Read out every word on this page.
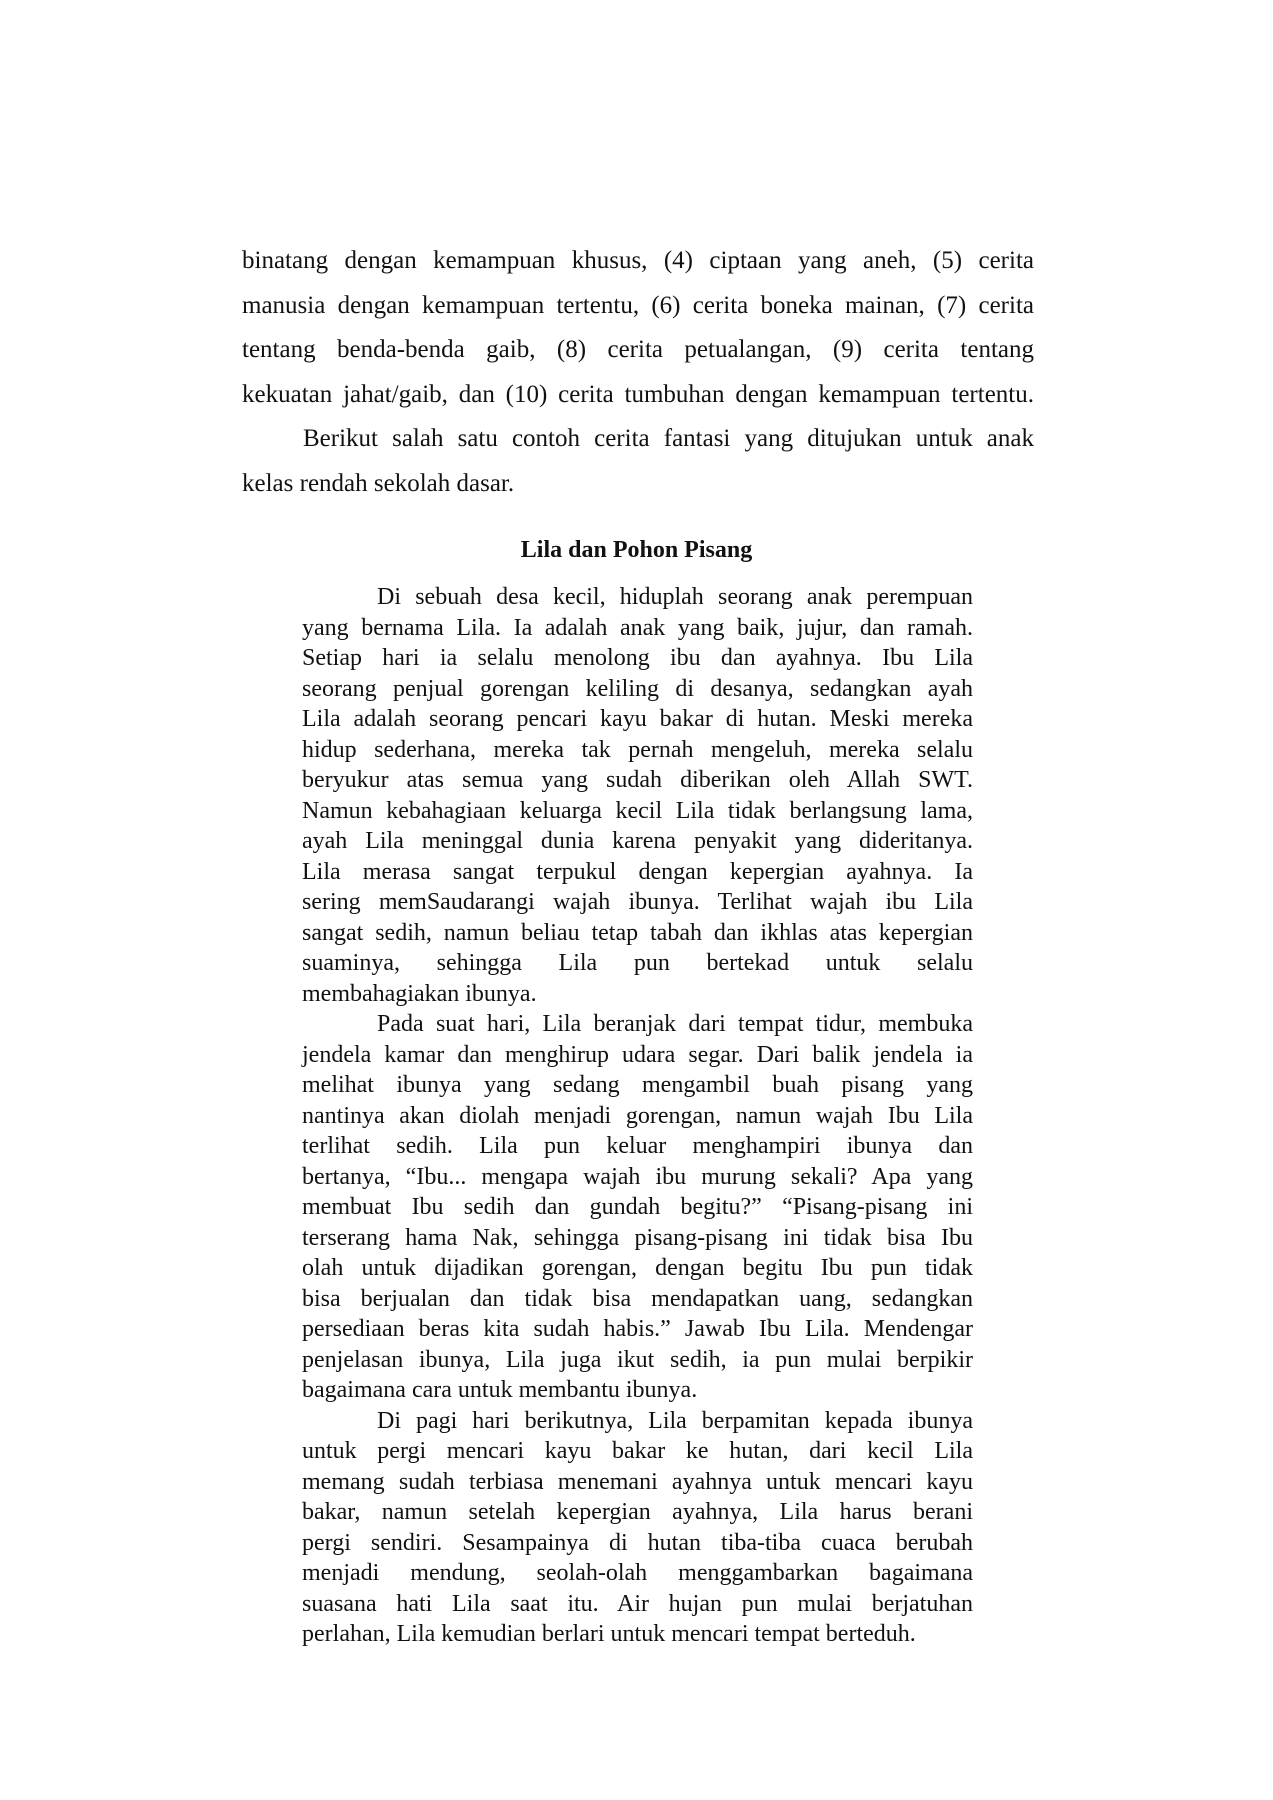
binatang dengan kemampuan khusus, (4) ciptaan yang aneh, (5) cerita
manusia dengan kemampuan tertentu, (6) cerita boneka mainan, (7) cerita
tentang benda-benda gaib, (8) cerita petualangan, (9) cerita tentang
kekuatan jahat/gaib, dan (10) cerita tumbuhan dengan kemampuan tertentu.
Berikut salah satu contoh cerita fantasi yang ditujukan untuk anak
kelas rendah sekolah dasar.
Lila dan Pohon Pisang
Di sebuah desa kecil, hiduplah seorang anak perempuan
yang bernama Lila. Ia adalah anak yang baik, jujur, dan ramah.
Setiap hari ia selalu menolong ibu dan ayahnya. Ibu Lila
seorang penjual gorengan keliling di desanya, sedangkan ayah
Lila adalah seorang pencari kayu bakar di hutan. Meski mereka
hidup sederhana, mereka tak pernah mengeluh, mereka selalu
beryukur atas semua yang sudah diberikan oleh Allah SWT.
Namun kebahagiaan keluarga kecil Lila tidak berlangsung lama,
ayah Lila meninggal dunia karena penyakit yang dideritanya.
Lila merasa sangat terpukul dengan kepergian ayahnya. Ia
sering memSaudarangi wajah ibunya. Terlihat wajah ibu Lila
sangat sedih, namun beliau tetap tabah dan ikhlas atas kepergian
suaminya, sehingga Lila pun bertekad untuk selalu
membahagiakan ibunya.
Pada suat hari, Lila beranjak dari tempat tidur, membuka
jendela kamar dan menghirup udara segar. Dari balik jendela ia
melihat ibunya yang sedang mengambil buah pisang yang
nantinya akan diolah menjadi gorengan, namun wajah Ibu Lila
terlihat sedih. Lila pun keluar menghampiri ibunya dan
bertanya, “Ibu... mengapa wajah ibu murung sekali? Apa yang
membuat Ibu sedih dan gundah begitu?” “Pisang-pisang ini
terserang hama Nak, sehingga pisang-pisang ini tidak bisa Ibu
olah untuk dijadikan gorengan, dengan begitu Ibu pun tidak
bisa berjualan dan tidak bisa mendapatkan uang, sedangkan
persediaan beras kita sudah habis.” Jawab Ibu Lila. Mendengar
penjelasan ibunya, Lila juga ikut sedih, ia pun mulai berpikir
bagaimana cara untuk membantu ibunya.
Di pagi hari berikutnya, Lila berpamitan kepada ibunya
untuk pergi mencari kayu bakar ke hutan, dari kecil Lila
memang sudah terbiasa menemani ayahnya untuk mencari kayu
bakar, namun setelah kepergian ayahnya, Lila harus berani
pergi sendiri. Sesampainya di hutan tiba-tiba cuaca berubah
menjadi mendung, seolah-olah menggambarkan bagaimana
suasana hati Lila saat itu. Air hujan pun mulai berjatuhan
perlahan, Lila kemudian berlari untuk mencari tempat berteduh.
